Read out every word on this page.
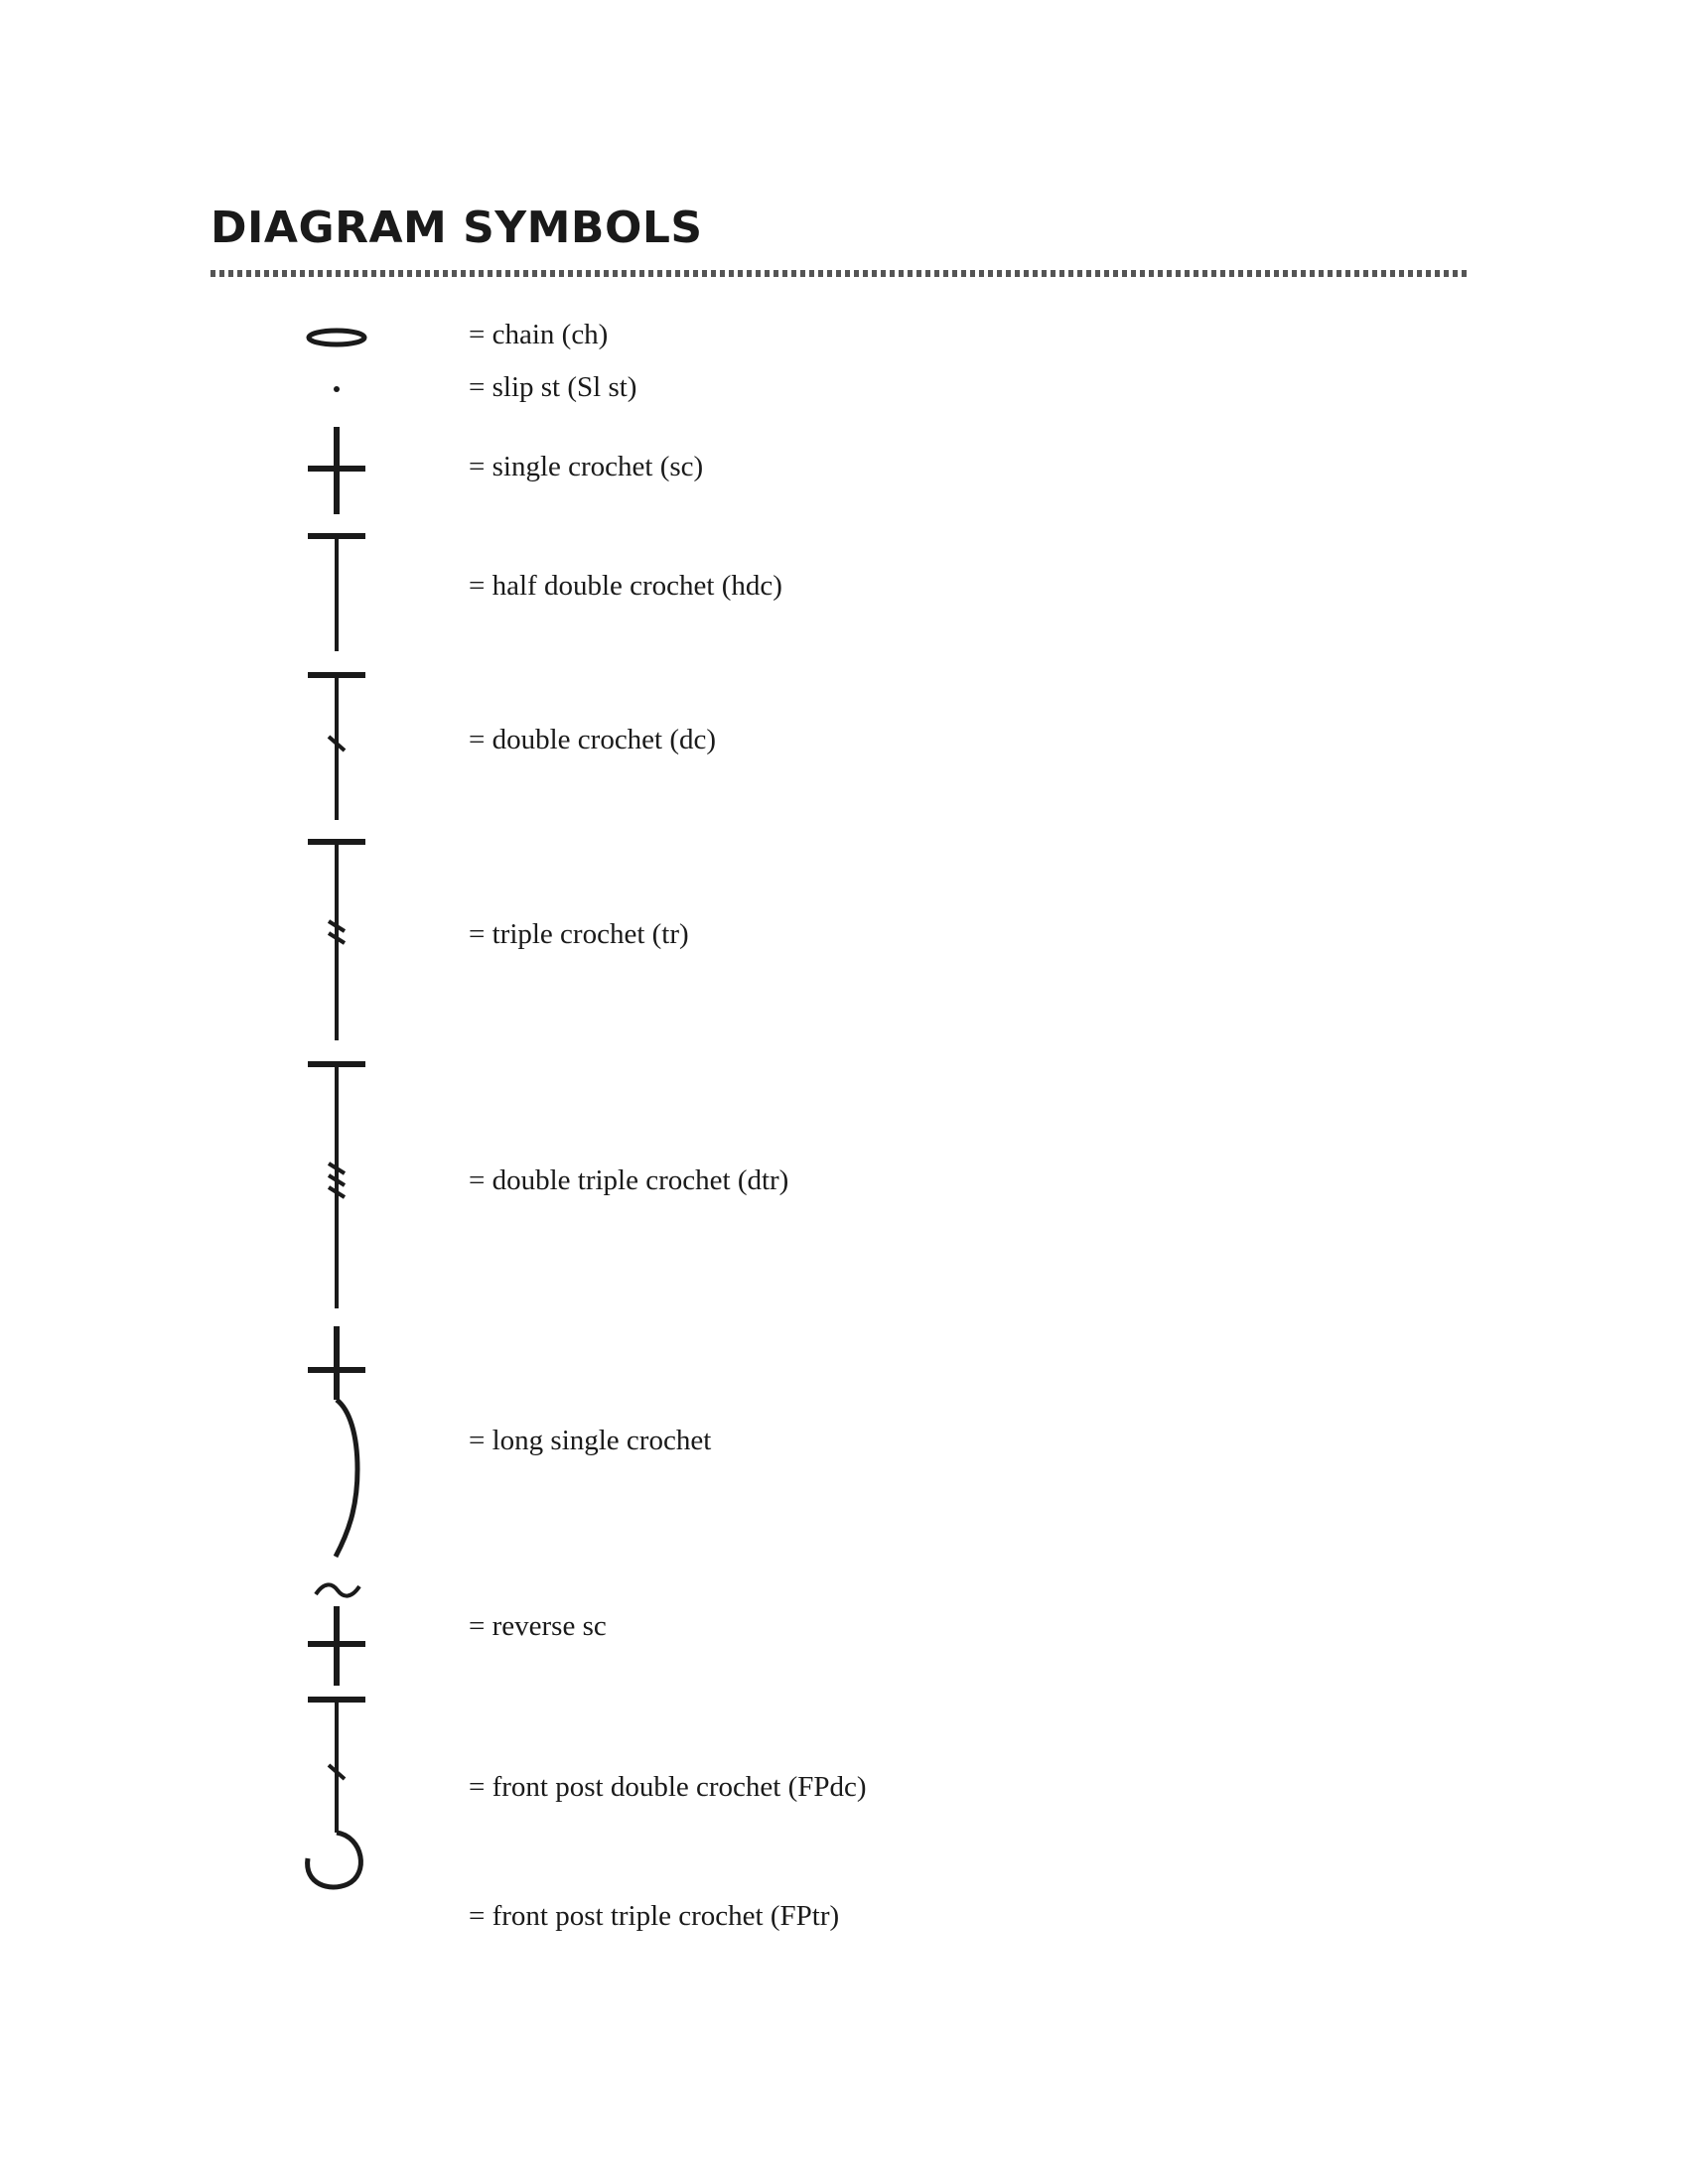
DIAGRAM SYMBOLS
= chain (ch)
= slip st (Sl st)
= single crochet (sc)
= half double crochet (hdc)
= double crochet (dc)
= triple crochet (tr)
= double triple crochet (dtr)
= long single crochet
= reverse sc
= front post double crochet (FPdc)
= front post triple crochet (FPtr)
